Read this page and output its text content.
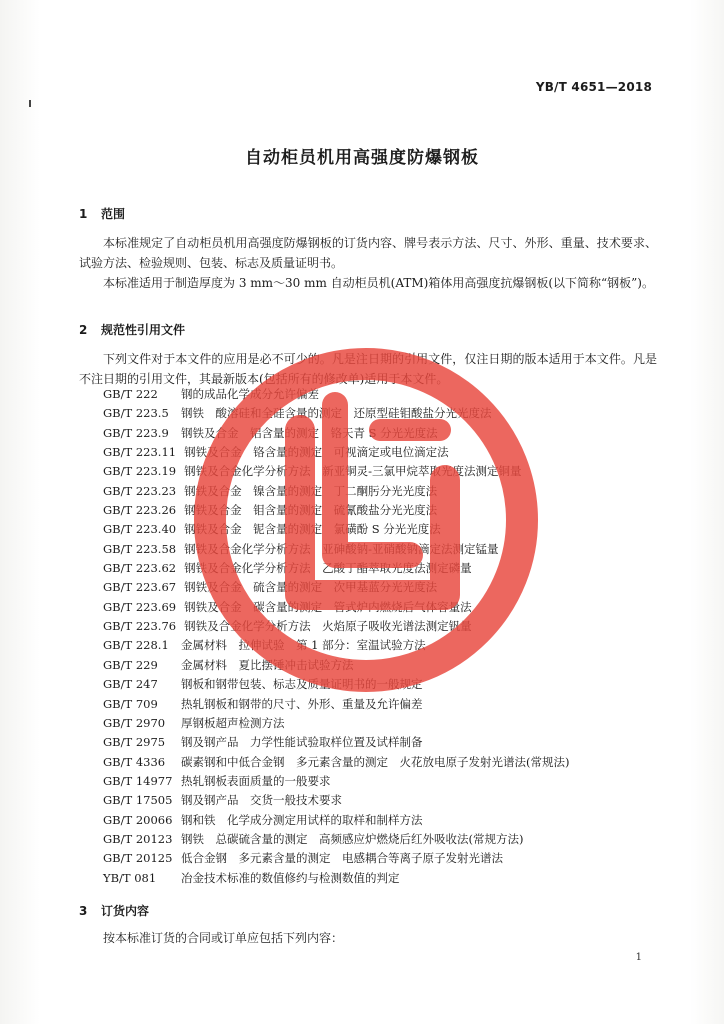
YB/T 4651—2018
自动柜员机用高强度防爆钢板
1 范围
本标准规定了自动柜员机用高强度防爆钢板的订货内容、牌号表示方法、尺寸、外形、重量、技术要求、试验方法、检验规则、包装、标志及质量证明书。
本标准适用于制造厚度为 3 mm～30 mm 自动柜员机(ATM)箱体用高强度抗爆钢板(以下简称“钢板”)。
2 规范性引用文件
下列文件对于本文件的应用是必不可少的。凡是注日期的引用文件，仅注日期的版本适用于本文件。凡是不注日期的引用文件，其最新版本(包括所有的修改单)适用于本文件。
GB/T 222 钢的成品化学成分允许偏差
GB/T 223.5 钢铁　酸溶硅和全硅含量的测定　还原型硅钼酸盐分光光度法
GB/T 223.9 钢铁及合金　铝含量的测定　铬天青 S 分光光度法
GB/T 223.11 钢铁及合金　铬含量的测定　可视滴定或电位滴定法
GB/T 223.19 钢铁及合金化学分析方法　新亚铜灵-三氯甲烷萃取光度法测定铜量
GB/T 223.23 钢铁及合金　镍含量的测定　丁二酮肟分光光度法
GB/T 223.26 钢铁及合金　钼含量的测定　硫氰酸盐分光光度法
GB/T 223.40 钢铁及合金　铌含量的测定　氯磺酚 S 分光光度法
GB/T 223.58 钢铁及合金化学分析方法　亚砷酸钠-亚硝酸钠滴定法测定锰量
GB/T 223.62 钢铁及合金化学分析方法　乙酸丁酯萃取光度法测定磷量
GB/T 223.67 钢铁及合金　硫含量的测定　次甲基蓝分光光度法
GB/T 223.69 钢铁及合金　碳含量的测定　管式炉内燃烧后气体容量法
GB/T 223.76 钢铁及合金化学分析方法　火焰原子吸收光谱法测定钒量
GB/T 228.1 金属材料　拉伸试验　第 1 部分：室温试验方法
GB/T 229 金属材料　夏比摆锤冲击试验方法
GB/T 247 钢板和钢带包装、标志及质量证明书的一般规定
GB/T 709 热轧钢板和钢带的尺寸、外形、重量及允许偏差
GB/T 2970 厚钢板超声检测方法
GB/T 2975 钢及钢产品　力学性能试验取样位置及试样制备
GB/T 4336 碳素钢和中低合金钢　多元素含量的测定　火花放电原子发射光谱法(常规法)
GB/T 14977 热轧钢板表面质量的一般要求
GB/T 17505 钢及钢产品　交货一般技术要求
GB/T 20066 钢和铁　化学成分测定用试样的取样和制样方法
GB/T 20123 钢铁　总碳硫含量的测定　高频感应炉燃烧后红外吸收法(常规方法)
GB/T 20125 低合金钢　多元素含量的测定　电感耦合等离子原子发射光谱法
YB/T 081 冶金技术标准的数值修约与检测数值的判定
3 订货内容
按本标准订货的合同或订单应包括下列内容：
1
